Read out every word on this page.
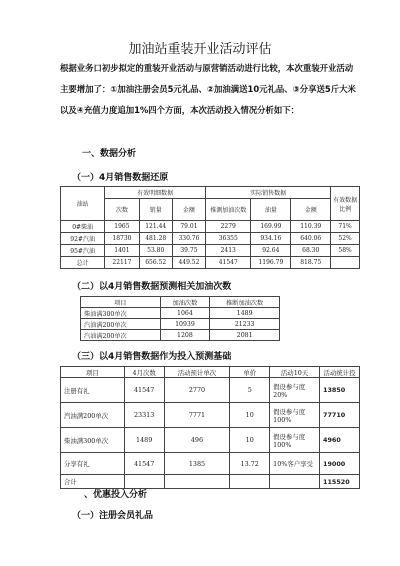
加油站重装开业活动评估
根据业务口初步拟定的重装开业活动与原营销活动进行比较，本次重装开业活动主要增加了：①加油注册会员5元礼品、②加油满送10元礼品、③分享送5斤大米以及④充值力度追加1%四个方面，本次活动投入情况分析如下：
一、数据分析
（一）4月销售数据还原
油站	有效明细数据			实际销售数据			有效数据比例
	次数	销量	金额	推测加油次数	油量	金额	
0#柴油	1965	121.44	79.01	2279	169.99	110.39	71%
92#汽油	18730	481.28	330.76	36355	934.16	640.06	52%
95#汽油	1401	53.80	39.75	2413	92.64	68.30	58%
总计	22117	656.52	449.52	41547	1196.79	818.75	
（二）以4月销售数据预测相关加油次数
项目	加油次数	推断加油次数
柴油满300单次	1064	1489
汽油满200单次	10939	21233
汽油满200单次	1208	2081
（三）以4月销售数据作为投入预测基础
项目	4月次数	活动预计单次	单价	活动10天	活动统计投
注册有礼	41547	2770	5	假设参与度20%	13850
汽油满200单次	23313	7771	10	假设参与度100%	77710
柴油满300单次	1489	496	10	假设参与度100%	4960
分享有礼	41547	1385	13.72	10%客户享受	19000
合计					115520
、优惠投入分析
（一）注册会员礼品
